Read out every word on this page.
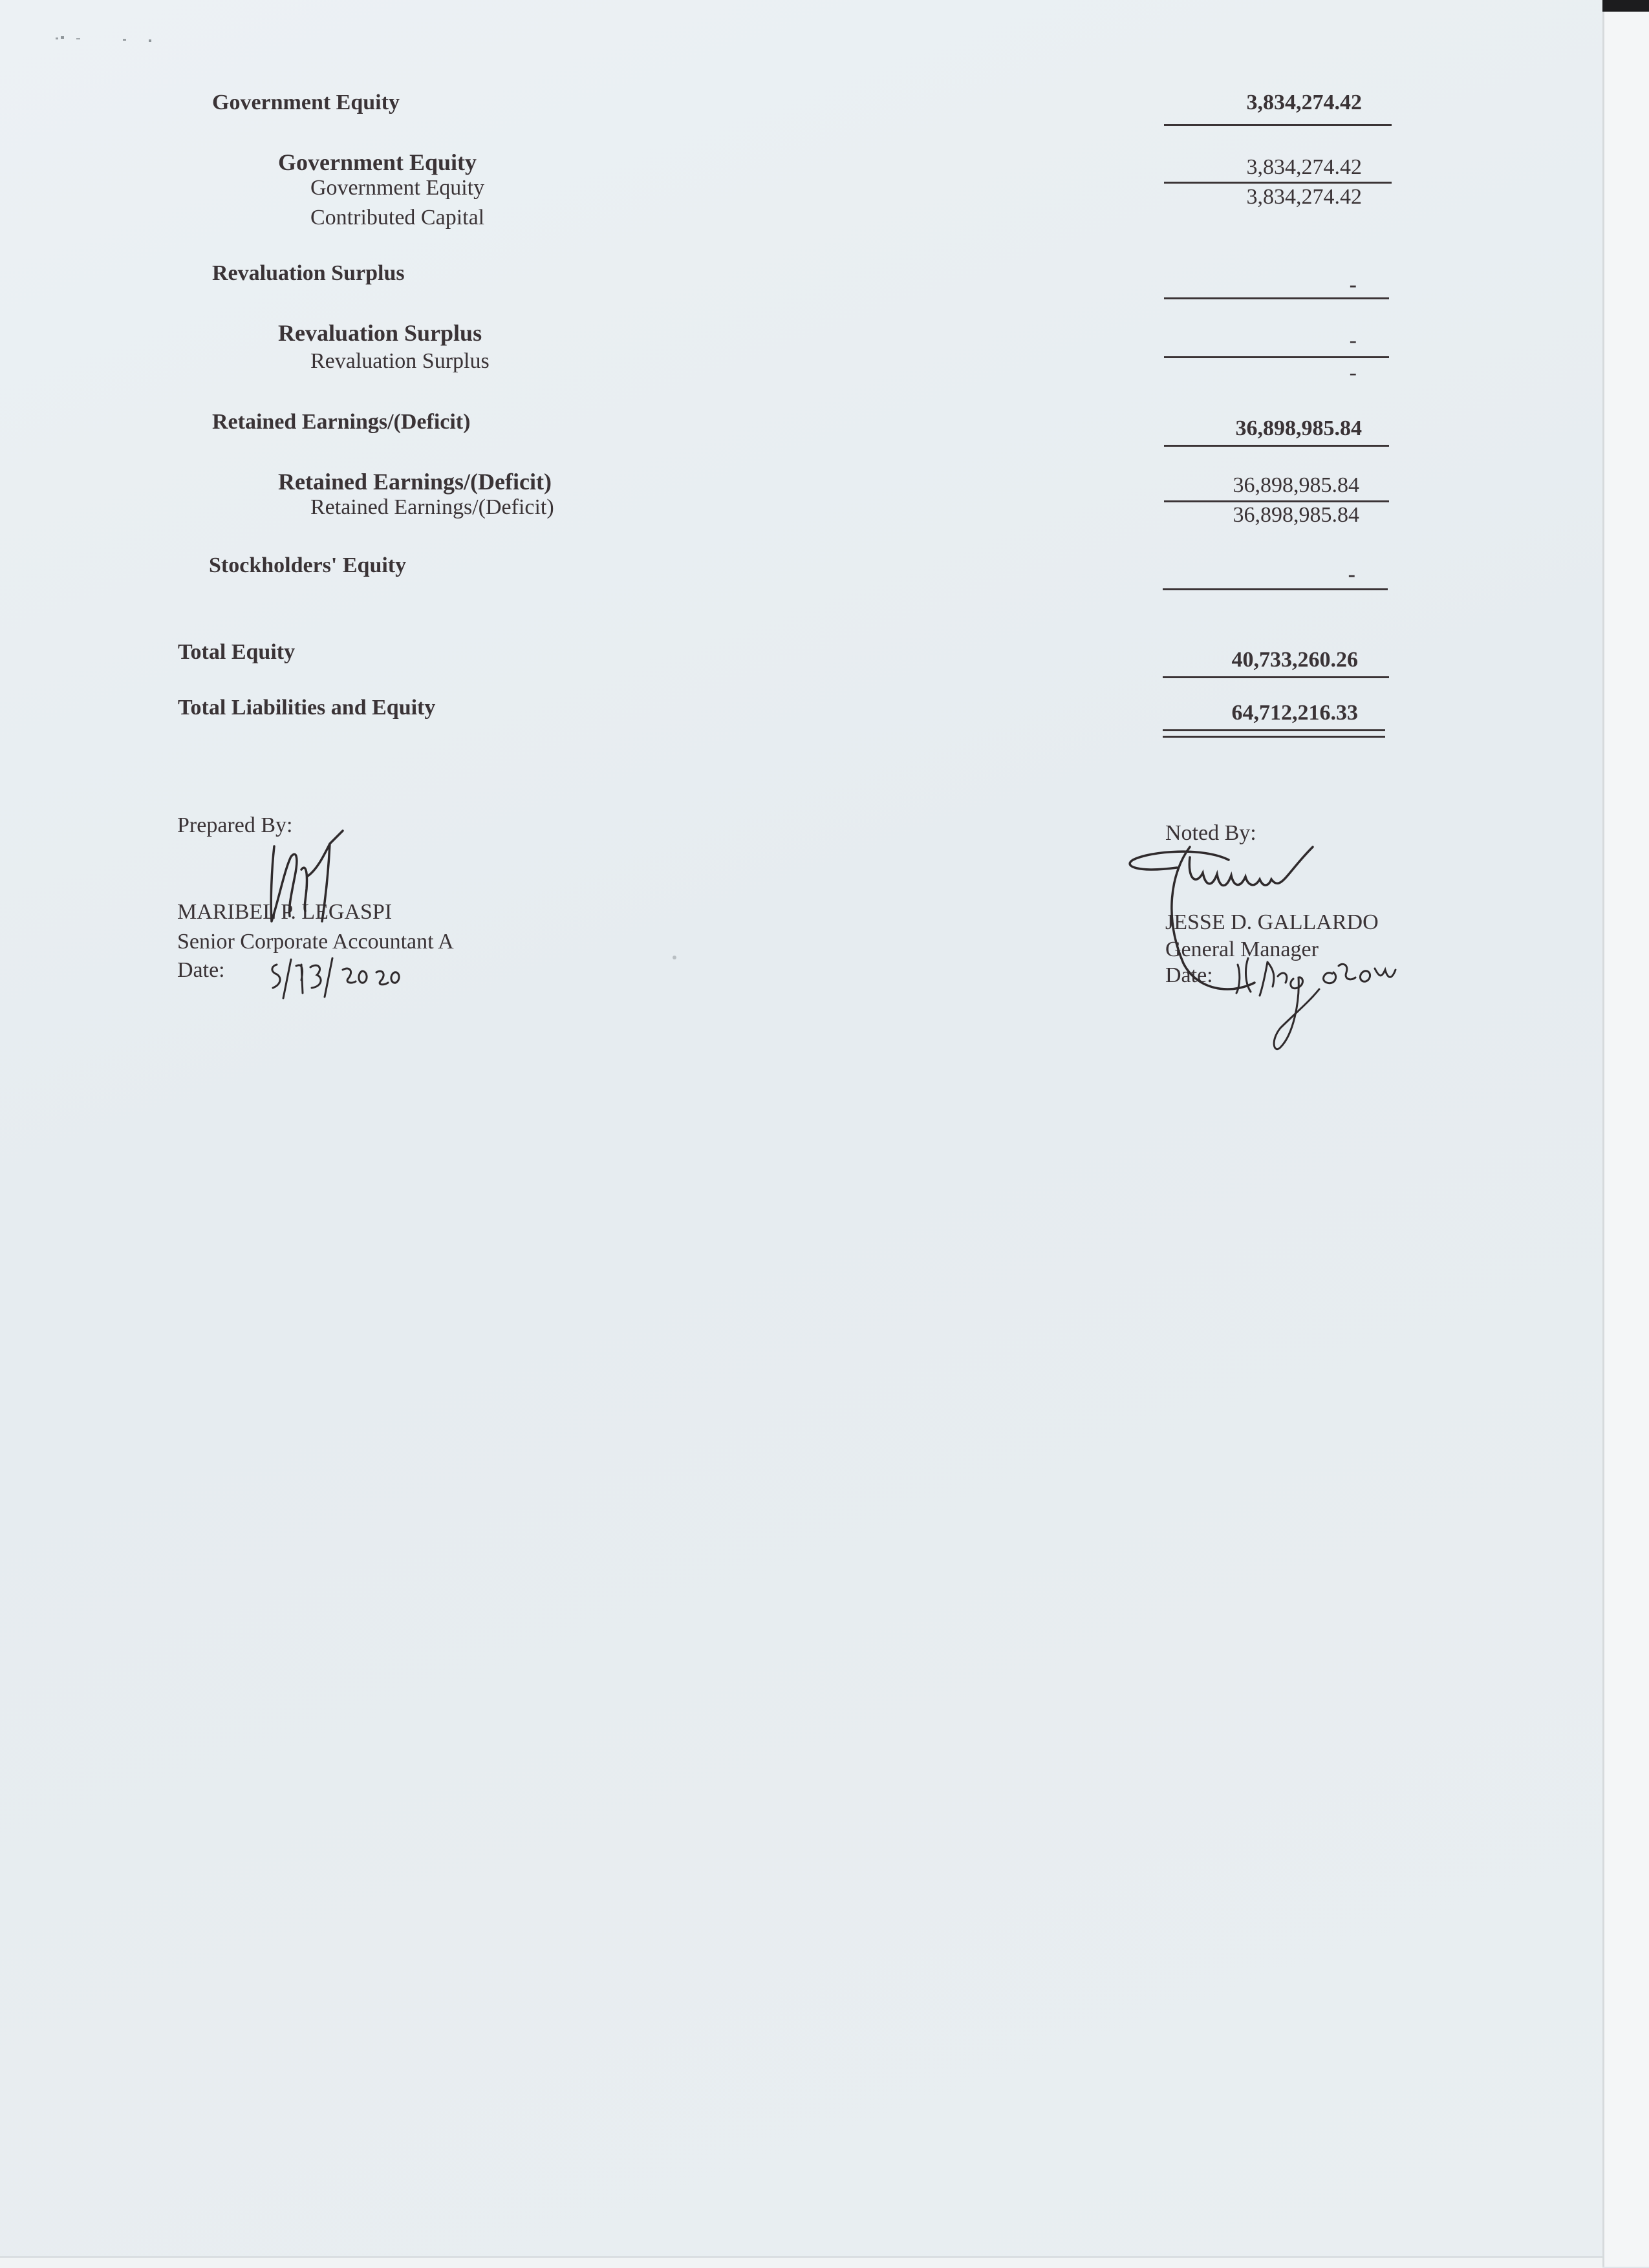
Government Equity	3,834,274.42
Government Equity	3,834,274.42
Government Equity	3,834,274.42
Contributed Capital
Revaluation Surplus	-
Revaluation Surplus	-
Revaluation Surplus	-
Retained Earnings/(Deficit)	36,898,985.84
Retained Earnings/(Deficit)	36,898,985.84
Retained Earnings/(Deficit)	36,898,985.84
Stockholders' Equity	-
Total Equity	40,733,260.26
Total Liabilities and Equity	64,712,216.33
Prepared By:
MARIBEL P. LEGASPI
Senior Corporate Accountant A
Date:
Noted By:
JESSE D. GALLARDO
General Manager
Date:
